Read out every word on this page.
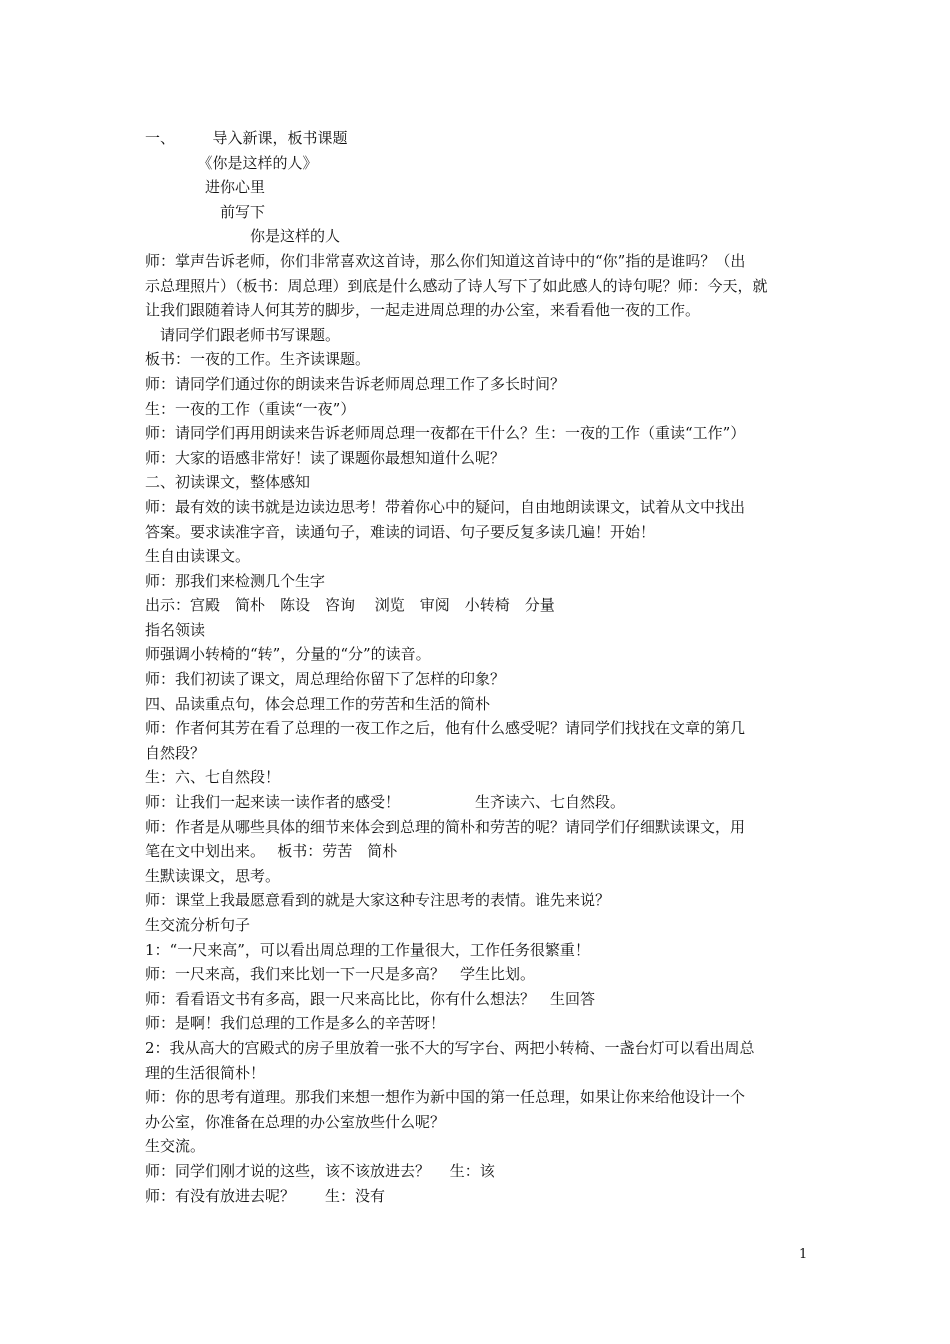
一、　　　导入新课，板书课题
　　　　《你是这样的人》
　　　　进你心里
　　　　　前写下
　　　　　　　你是这样的人
师：掌声告诉老师，你们非常喜欢这首诗，那么你们知道这首诗中的“你”指的是谁吗？（出
示总理照片）（板书：周总理）到底是什么感动了诗人写下了如此感人的诗句呢？师：今天，就
让我们跟随着诗人何其芳的脚步，一起走进周总理的办公室，来看看他一夜的工作。
　请同学们跟老师书写课题。
板书：一夜的工作。生齐读课题。
师：请同学们通过你的朗读来告诉老师周总理工作了多长时间？
生：一夜的工作（重读“一夜”）
师：请同学们再用朗读来告诉老师周总理一夜都在干什么？生：一夜的工作（重读“工作”）
师：大家的语感非常好！读了课题你最想知道什么呢？
二、初读课文，整体感知
师：最有效的读书就是边读边思考！带着你心中的疑问，自由地朗读课文，试着从文中找出
答案。要求读准字音，读通句子，难读的词语、句子要反复多读几遍！开始！
生自由读课文。
师：那我们来检测几个生字
出示：宫殿　简朴　陈设　咨询　 浏览　审阅　小转椅　分量
指名领读
师强调小转椅的“转”，分量的“分”的读音。
师：我们初读了课文，周总理给你留下了怎样的印象？
四、品读重点句，体会总理工作的劳苦和生活的简朴
师：作者何其芳在看了总理的一夜工作之后，他有什么感受呢？请同学们找找在文章的第几
自然段？
生：六、七自然段！
师：让我们一起来读一读作者的感受！　　　　　生齐读六、七自然段。
师：作者是从哪些具体的细节来体会到总理的简朴和劳苦的呢？请同学们仔细默读课文，用
笔在文中划出来。　 板书：劳苦　简朴
生默读课文，思考。
师：课堂上我最愿意看到的就是大家这种专注思考的表情。谁先来说？
生交流分析句子
1：“一尺来高”，可以看出周总理的工作量很大，工作任务很繁重！
师：一尺来高，我们来比划一下一尺是多高？　学生比划。
师：看看语文书有多高，跟一尺来高比比，你有什么想法？　生回答
师：是啊！我们总理的工作是多么的辛苦呀！
2：我从高大的宫殿式的房子里放着一张不大的写字台、两把小转椅、一盏台灯可以看出周总
理的生活很简朴！
师：你的思考有道理。那我们来想一想作为新中国的第一任总理，如果让你来给他设计一个
办公室，你准备在总理的办公室放些什么呢？
生交流。
师：同学们刚才说的这些，该不该放进去？　 生：该
师：有没有放进去呢？　　生：没有
1
